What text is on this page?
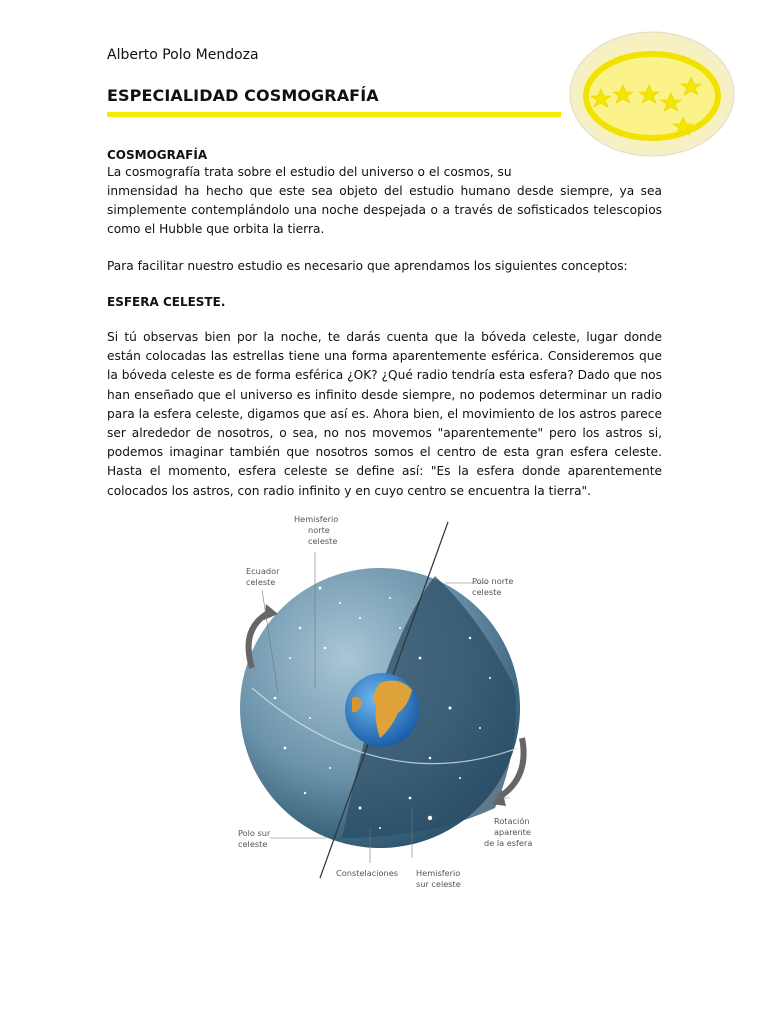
Alberto Polo Mendoza
ESPECIALIDAD COSMOGRAFÍA
COSMOGRAFÍA
La cosmografía trata sobre el estudio del universo o el cosmos, su
inmensidad ha hecho que este sea objeto del estudio humano desde siempre, ya sea simplemente contemplándolo una noche despejada o a través de sofisticados telescopios como el Hubble que orbita la tierra.
Para facilitar nuestro estudio es necesario que aprendamos los siguientes conceptos:
ESFERA CELESTE.
Si tú observas bien por la noche, te darás cuenta que la bóveda celeste, lugar donde están colocadas las estrellas tiene una forma aparentemente esférica. Consideremos que la bóveda celeste es de forma esférica ¿OK? ¿Qué radio tendría esta esfera? Dado que nos han enseñado que el universo es infinito desde siempre, no podemos determinar un radio para la esfera celeste, digamos que así es. Ahora bien, el movimiento de los astros parece ser alrededor de nosotros, o sea, no nos movemos "aparentemente" pero los astros si, podemos imaginar también que nosotros somos el centro de esta gran esfera celeste. Hasta el momento, esfera celeste se define así: "Es la esfera donde aparentemente colocados los astros, con radio infinito y en cuyo centro se encuentra la tierra".
Hemisferio norte celeste
Ecuador celeste	Polo norte celeste
Polo sur celeste
Constelaciones Hemisferio sur celeste
Rotación aparente de la esfera
